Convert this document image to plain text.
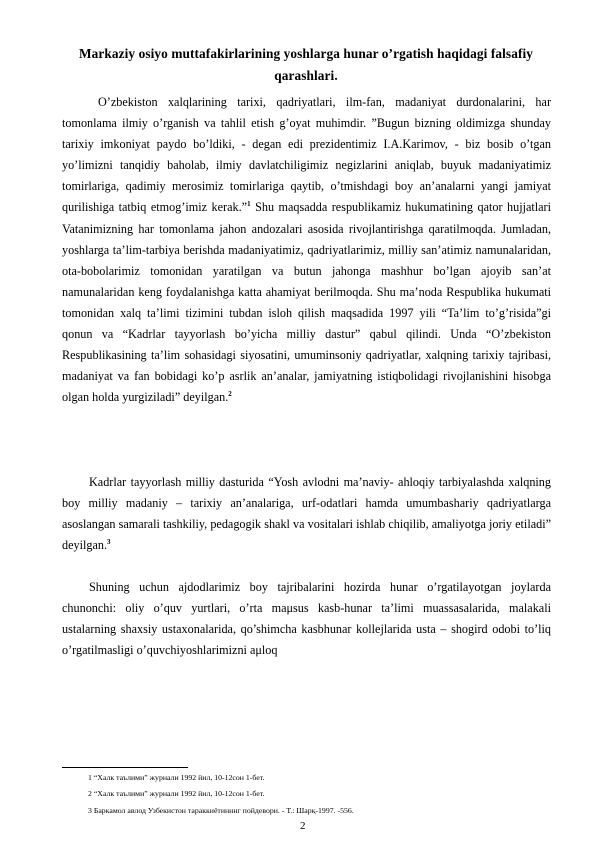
Markaziy osiyo muttafakirlarining yoshlarga hunar o’rgatish haqidagi falsafiy qarashlari.
O’zbekiston xalqlarining tarixi, qadriyatlari, ilm-fan, madaniyat durdonalarini, har tomonlama ilmiy o’rganish va tahlil etish g’oyat muhimdir. ”Bugun bizning oldimizga shunday tarixiy imkoniyat paydo bo’ldiki, - degan edi prezidentimiz I.A.Karimov, - biz bosib o’tgan yo’limizni tanqidiy baholab, ilmiy davlatchiligimiz negizlarini aniqlab, buyuk madaniyatimiz tomirlariga, qadimiy merosimiz tomirlariga qaytib, o’tmishdagi boy an’analarni yangi jamiyat qurilishiga tatbiq etmog’imiz kerak.”$^1$ Shu maqsadda respublikamiz hukumatining qator hujjatlari Vatanimizning har tomonlama jahon andozalari asosida rivojlantirishga qaratilmoqda. Jumladan, yoshlarga ta’lim-tarbiya berishda madaniyatimiz, qadriyatlarimiz, milliy san’atimiz namunalaridan, ota-bobolarimiz tomonidan yaratilgan va butun jahonga mashhur bo’lgan ajoyib san’at namunalaridan keng foydalanishga katta ahamiyat berilmoqda. Shu ma’noda Respublika hukumati tomonidan xalq ta’limi tizimini tubdan isloh qilish maqsadida 1997 yili “Ta’lim to’g’risida”gi qonun va “Kadrlar tayyorlash bo’yicha milliy dastur” qabul qilindi. Unda “O’zbekiston Respublikasining ta’lim sohasidagi siyosatini, umuminsoniy qadriyatlar, xalqning tarixiy tajribasi, madaniyat va fan bobidagi ko’p asrlik an’analar, jamiyatning istiqbolidagi rivojlanishini hisobga olgan holda yurgiziladi” deyilgan.$^2$
Kadrlar tayyorlash milliy dasturida “Yosh avlodni ma’naviy- ahloqiy tarbiyalashda xalqning boy milliy madaniy – tarixiy an’analariga, urf-odatlari hamda umumbashariy qadriyatlarga asoslangan samarali tashkiliy, pedagogik shakl va vositalari ishlab chiqilib, amaliyotga joriy etiladi” deyilgan.$^3$
Shuning uchun ajdodlarimiz boy tajribalarini hozirda hunar o’rgatilayotgan joylarda chunonchi: oliy o’quv yurtlari, o’rta maμsus kasb-hunar ta’limi muassasalarida, malakali ustalarning shaxsiy ustaxonalarida, qo’shimcha kasbhunar kollejlarida usta – shogird odobi to’liq o’rgatilmasligi o’quvchiyoshlarimizni aμloq
1 “Халк таълими” журнали 1992 йил, 10-12сон 1-бет.
2 “Халк таълими” журнали 1992 йил, 10-12сон 1-бет.
3 Баркамол авлод Узбекистон тараккиётининг пойдевори. - Т.: Шарқ-1997. -556.
2
